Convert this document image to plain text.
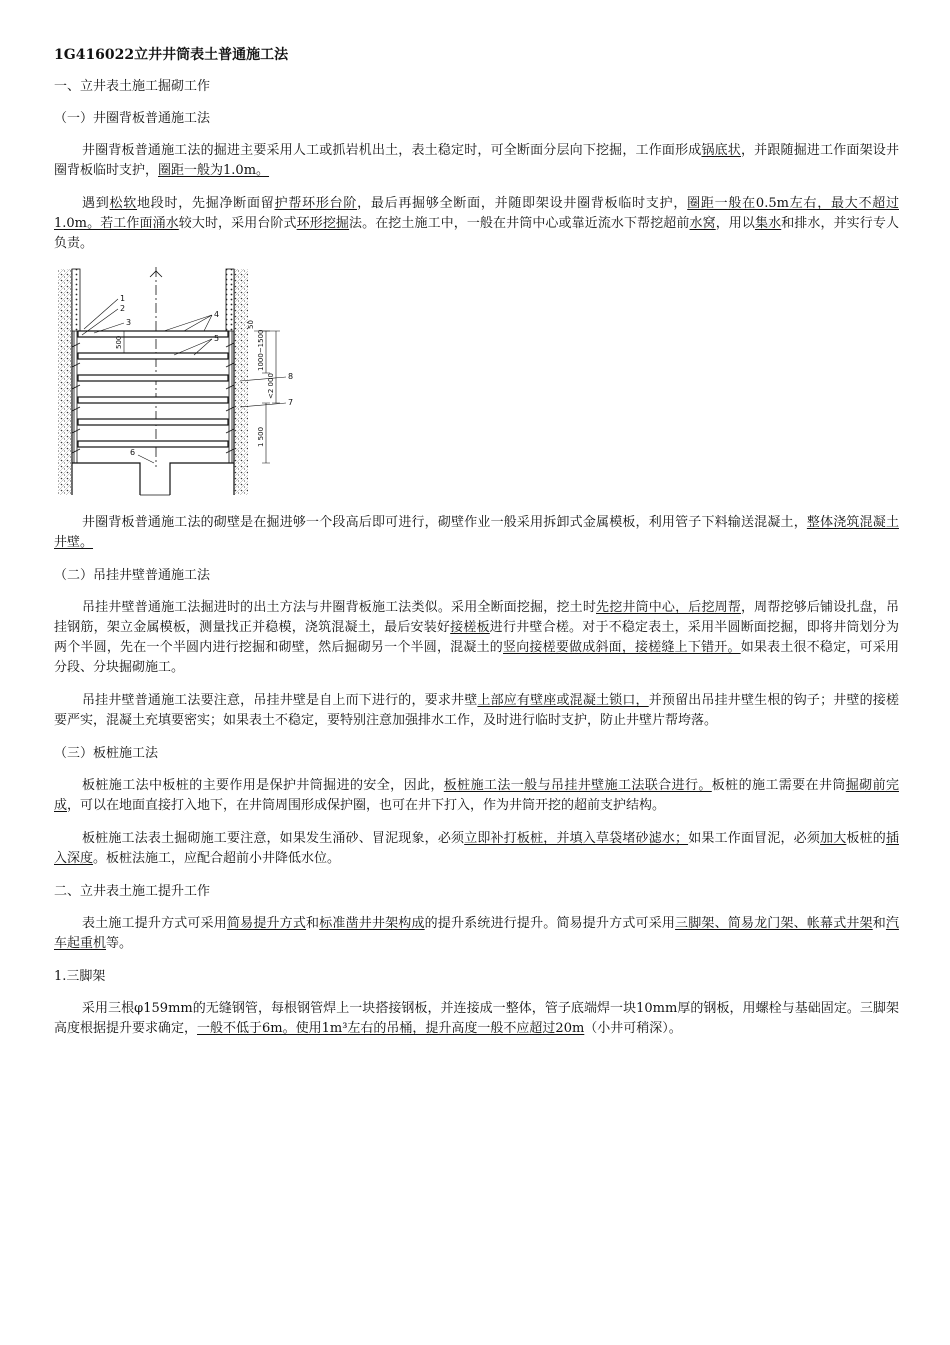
1G416022立井井筒表土普通施工法
一、立井表土施工掘砌工作
（一）井圈背板普通施工法

井圈背板普通施工法的掘进主要采用人工或抓岩机出土，表土稳定时，可全断面分层向下挖掘，工作面形成锅底状，并跟随掘进工作面架设井圈背板临时支护，圈距一般为1.0m。

遇到松软地段时，先掘净断面留护帮环形台阶，最后再掘够全断面，并随即架设井圈背板临时支护，圈距一般在0.5m左右，最大不超过1.0m。若工作面涌水较大时，采用台阶式环形挖掘法。在挖土施工中，一般在井筒中心或靠近流水下帮挖超前水窝，用以集水和排水，并实行专人负责。

1
2
3
4
5
6
7
8
500	1000~1500
<2 000
1 500
50

井圈背板普通施工法的砌壁是在掘进够一个段高后即可进行，砌壁作业一般采用拆卸式金属模板，利用管子下料输送混凝土，整体浇筑混凝土井壁。

（二）吊挂井壁普通施工法

吊挂井壁普通施工法掘进时的出土方法与井圈背板施工法类似。采用全断面挖掘，挖土时先挖井筒中心，后挖周帮，周帮挖够后铺设扎盘，吊挂钢筋，架立金属模板，测量找正并稳模，浇筑混凝土，最后安装好接槎板进行井壁合槎。对于不稳定表土，采用半圆断面挖掘，即将井筒划分为两个半圆，先在一个半圆内进行挖掘和砌壁，然后掘砌另一个半圆，混凝土的竖向接槎要做成斜面，接槎缝上下错开。如果表土很不稳定，可采用分段、分块掘砌施工。

吊挂井壁普通施工法要注意，吊挂井壁是自上而下进行的，要求井壁上部应有壁座或混凝土锁口，并预留出吊挂井壁生根的钩子；井壁的接槎要严实，混凝土充填要密实；如果表土不稳定，要特别注意加强排水工作，及时进行临时支护，防止井壁片帮垮落。

（三）板桩施工法

板桩施工法中板桩的主要作用是保护井筒掘进的安全，因此，板桩施工法一般与吊挂井壁施工法联合进行。板桩的施工需要在井筒掘砌前完成，可以在地面直接打入地下，在井筒周围形成保护圈，也可在井下打入，作为井筒开挖的超前支护结构。

板桩施工法表土掘砌施工要注意，如果发生涌砂、冒泥现象，必须立即补打板桩，并填入草袋堵砂滤水；如果工作面冒泥，必须加大板桩的插入深度。板桩法施工，应配合超前小井降低水位。

二、立井表土施工提升工作

表土施工提升方式可采用简易提升方式和标准凿井井架构成的提升系统进行提升。简易提升方式可采用三脚架、简易龙门架、帐幕式井架和汽车起重机等。

1.三脚架

采用三根φ159mm的无缝钢管，每根钢管焊上一块搭接钢板，并连接成一整体，管子底端焊一块10mm厚的钢板，用螺栓与基础固定。三脚架高度根据提升要求确定，一般不低于6m。使用1m³左右的吊桶，提升高度一般不应超过20m（小井可稍深）。
